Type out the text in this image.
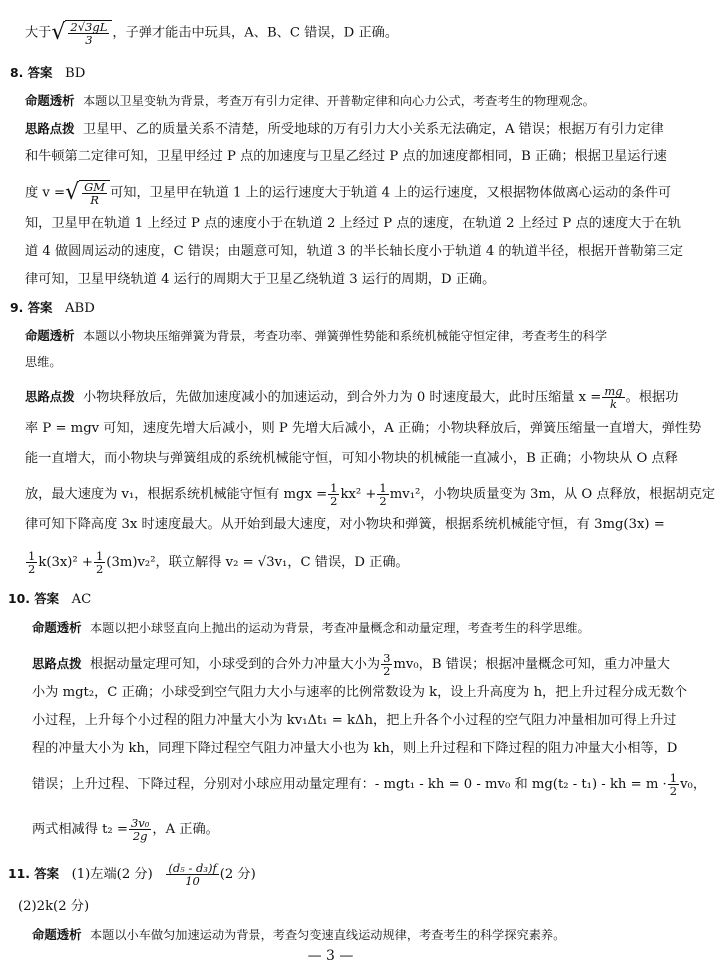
大于√ $\frac{2√3gL}{3}$ ，子弹才能击中玩具，A、B、C 错误，D 正确。
8. 答案 BD
命题透析 本题以卫星变轨为背景，考查万有引力定律、开普勒定律和向心力公式，考查考生的物理观念。
思路点拨 卫星甲、乙的质量关系不清楚，所受地球的万有引力大小关系无法确定，A 错误；根据万有引力定律
和牛顿第二定律可知，卫星甲经过 P 点的加速度与卫星乙经过 P 点的加速度都相同，B 正确；根据卫星运行速
度 v =√ $\frac{GM}{R}$ 可知，卫星甲在轨道 1 上的运行速度大于轨道 4 上的运行速度，又根据物体做离心运动的条件可
知，卫星甲在轨道 1 上经过 P 点的速度小于在轨道 2 上经过 P 点的速度，在轨道 2 上经过 P 点的速度大于在轨
道 4 做圆周运动的速度，C 错误；由题意可知，轨道 3 的半长轴长度小于轨道 4 的轨道半径，根据开普勒第三定
律可知，卫星甲绕轨道 4 运行的周期大于卫星乙绕轨道 3 运行的周期，D 正确。
9. 答案 ABD
命题透析 本题以小物块压缩弹簧为背景，考查功率、弹簧弹性势能和系统机械能守恒定律，考查考生的科学
思维。
思路点拨 小物块释放后，先做加速度减小的加速运动，到合外力为 0 时速度最大，此时压缩量 $x = \frac{mg}{k}$ 。根据功
率 P = mgv 可知，速度先增大后减小，则 P 先增大后减小，A 正确；小物块释放后，弹簧压缩量一直增大，弹性势
能一直增大，而小物块与弹簧组成的系统机械能守恒，可知小物块的机械能一直减小，B 正确；小物块从 O 点释
放，最大速度为 v₁，根据系统机械能守恒有 mgx = $\frac{1}{2} kx^2 + \frac{1}{2} mv_1^2$，小物块质量变为 3m，从 O 点释放，根据胡克定
律可知下降高度 3x 时速度最大。从开始到最大速度，对小物块和弹簧，根据系统机械能守恒，有 3mg(3x) =
$\frac{1}{2} k(3x)^2 + \frac{1}{2} (3m)v_2^2$，联立解得 v₂ = √3v₁，C 错误，D 正确。
10. 答案 AC
命题透析 本题以把小球竖直向上抛出的运动为背景，考查冲量概念和动量定理，考查考生的科学思维。
思路点拨 根据动量定理可知，小球受到的合外力冲量大小为 $\frac{3}{2} mv_0$，B 错误；根据冲量概念可知，重力冲量大
小为 mgt₂，C 正确；小球受到空气阻力大小与速率的比例常数设为 k，设上升高度为 h，把上升过程分成无数个
小过程，上升每个小过程的阻力冲量大小为 kv₁Δt₁ = kΔh，把上升各个小过程的空气阻力冲量相加可得上升过
程的冲量大小为 kh，同理下降过程空气阻力冲量大小也为 kh，则上升过程和下降过程的阻力冲量大小相等，D
错误；上升过程、下降过程，分别对小球应用动量定理有：- mgt₁ - kh = 0 - mv₀ 和 mg(t₂ - t₁) - kh = $m \cdot \frac{1}{2} v_0$，
两式相减得 $t_2 = \frac{\text{3v₀}}{2g}$ ，A 正确。
11. 答案 (1)左端(2 分) $\frac{\text{(d₅ - d₃)f}}{10} (2$ 分)
(2)2k(2 分)
命题透析 本题以小车做匀加速运动为背景，考查匀变速直线运动规律，考查考生的科学探究素养。
— 3 —
